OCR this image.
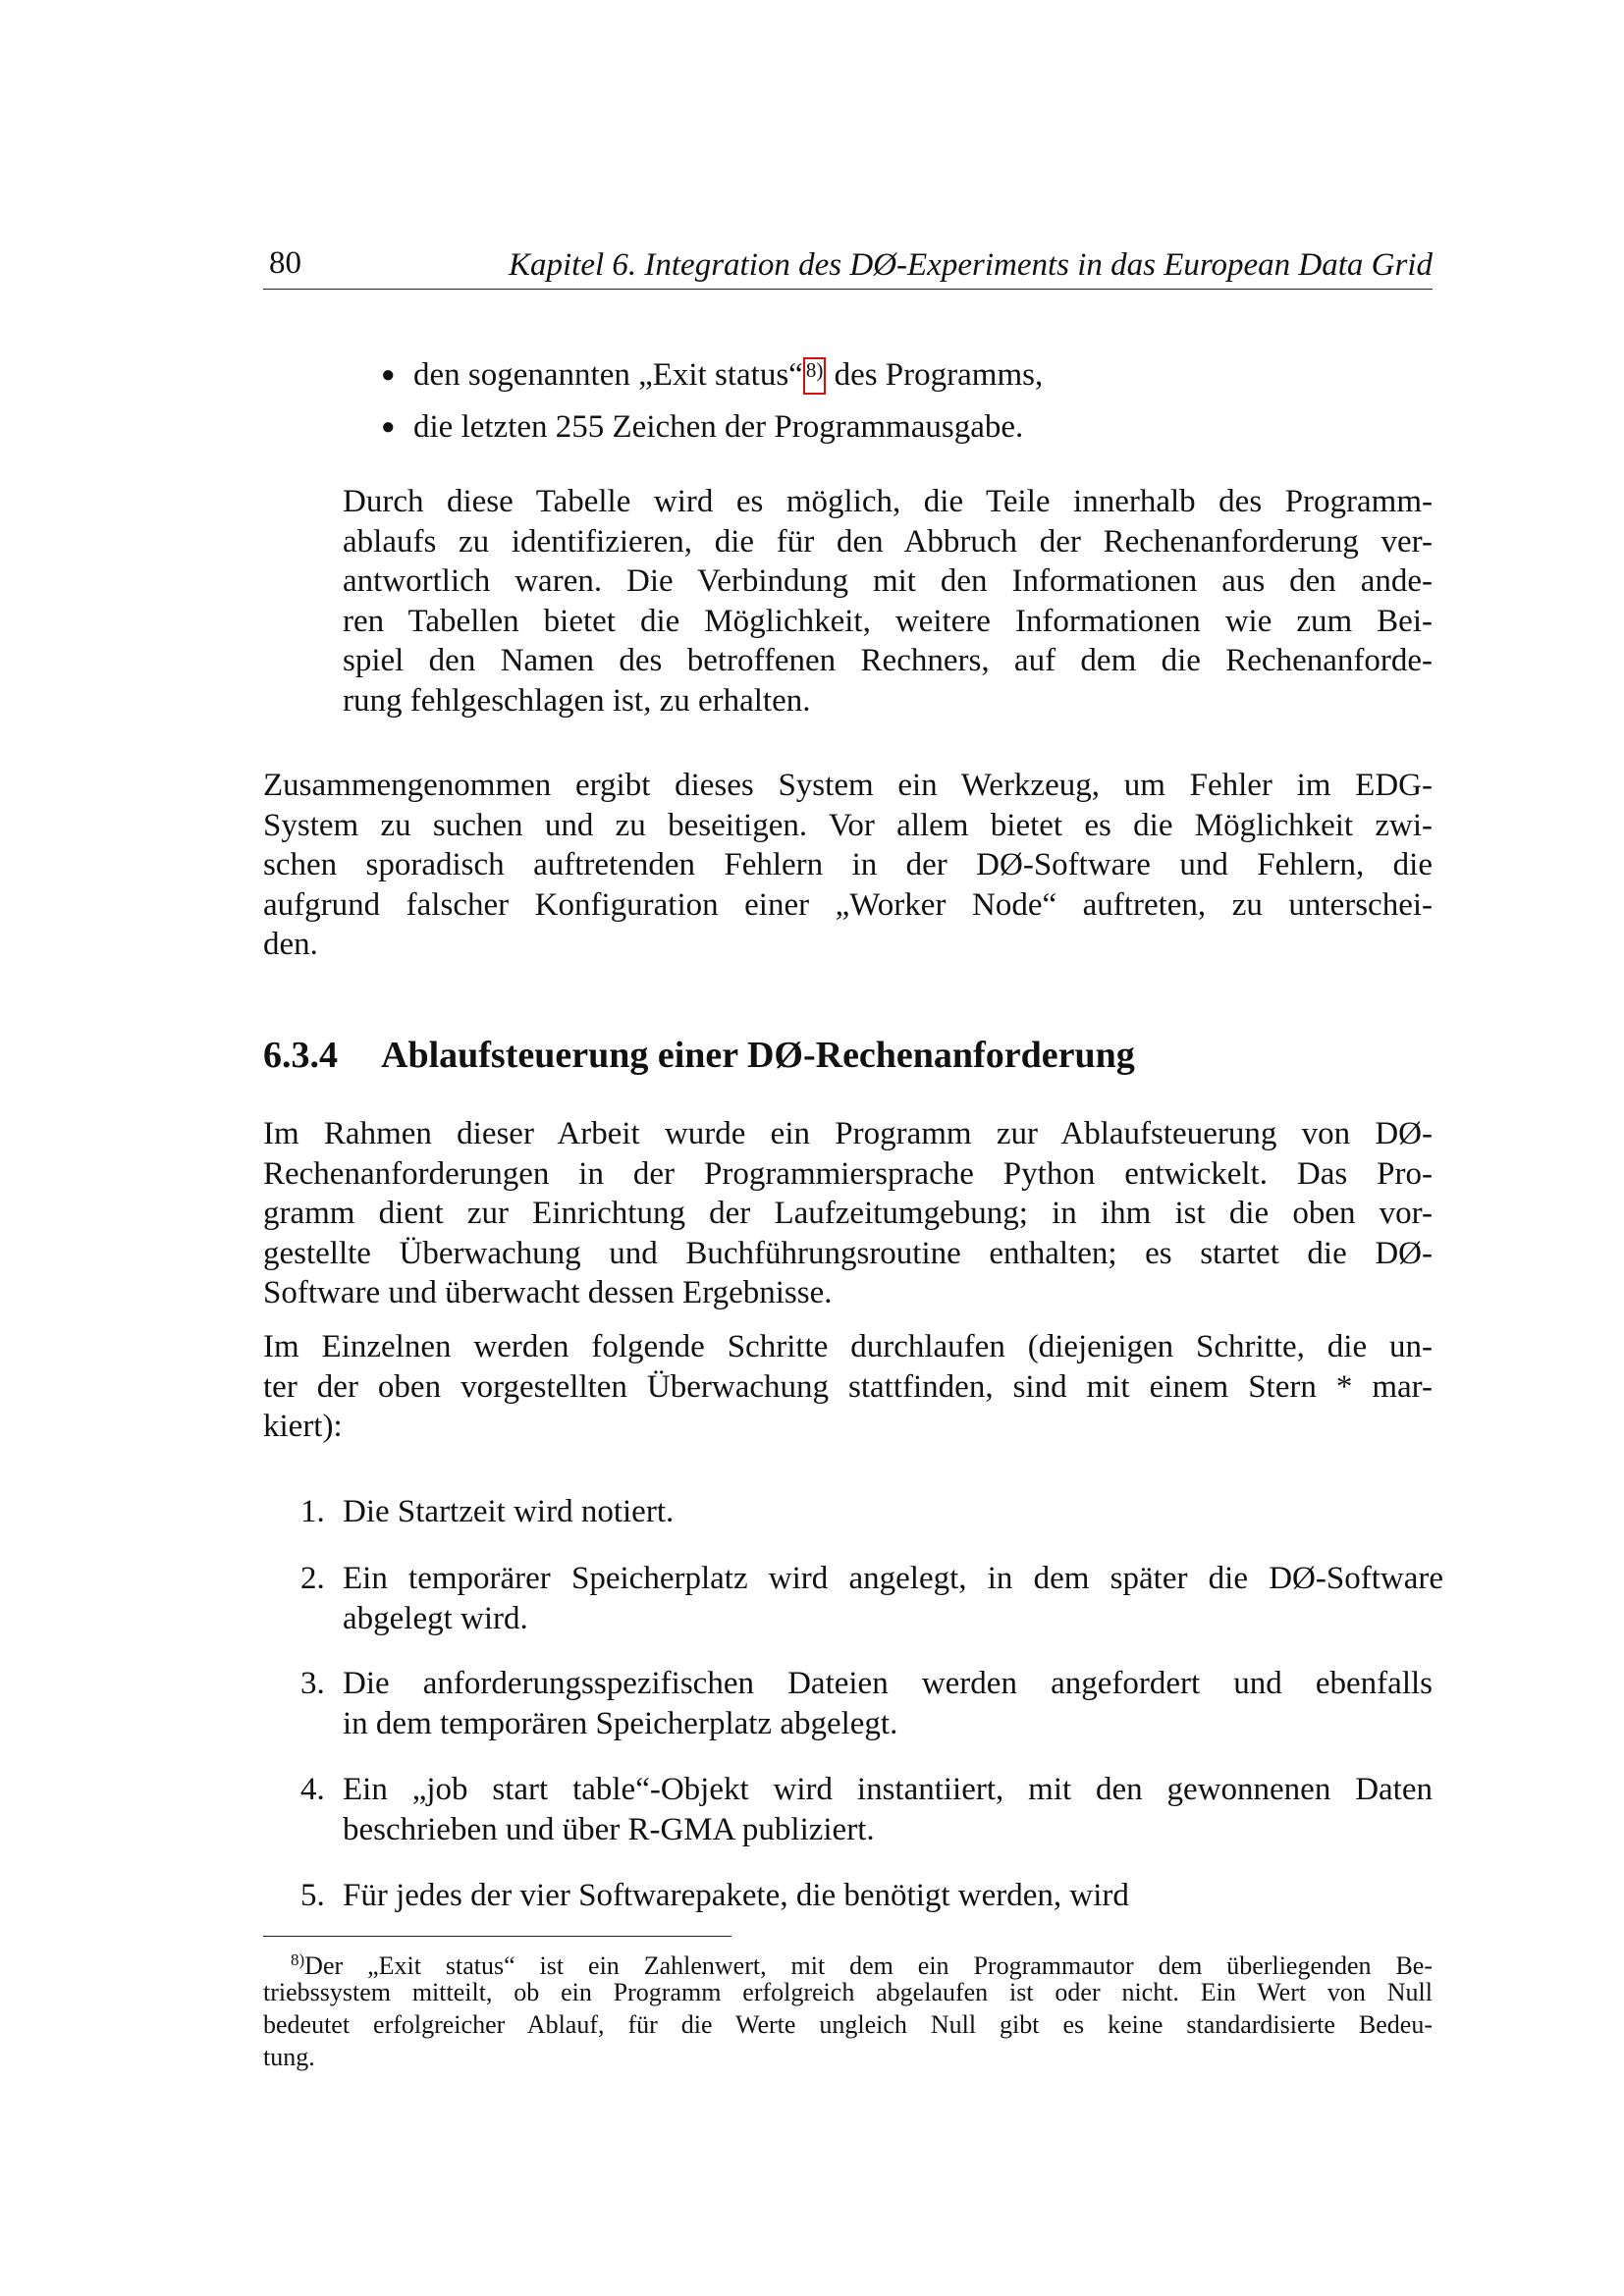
80	Kapitel 6. Integration des DØ-Experiments in das European Data Grid
● den sogenannten „Exit status“ 8) des Programms,
● die letzten 255 Zeichen der Programmausgabe.
Durch diese Tabelle wird es möglich, die Teile innerhalb des Programm-
ablaufs zu identifizieren, die für den Abbruch der Rechenanforderung ver-
antwortlich waren. Die Verbindung mit den Informationen aus den ande-
ren Tabellen bietet die Möglichkeit, weitere Informationen wie zum Bei-
spiel den Namen des betroffenen Rechners, auf dem die Rechenanforde-
rung fehlgeschlagen ist, zu erhalten.
Zusammengenommen ergibt dieses System ein Werkzeug, um Fehler im EDG-
System zu suchen und zu beseitigen. Vor allem bietet es die Möglichkeit zwi-
schen sporadisch auftretenden Fehlern in der DØ-Software und Fehlern, die
aufgrund falscher Konfiguration einer „Worker Node“ auftreten, zu unterschei-
den.
Im Rahmen dieser Arbeit wurde ein Programm zur Ablaufsteuerung von DØ-
Rechenanforderungen in der Programmiersprache Python entwickelt. Das Pro-
gramm dient zur Einrichtung der Laufzeitumgebung; in ihm ist die oben vor-
gestellte Überwachung und Buchführungsroutine enthalten; es startet die DØ-
Software und überwacht dessen Ergebnisse.
Im Einzelnen werden folgende Schritte durchlaufen (diejenigen Schritte, die un-
ter der oben vorgestellten Überwachung stattfinden, sind mit einem Stern * mar-
kiert):
6.3.4 Ablaufsteuerung einer DØ-Rechenanforderung
1. Die Startzeit wird notiert.
2. Ein temporärer Speicherplatz wird angelegt, in dem später die DØ-Software
abgelegt wird.
3. Die anforderungsspezifischen Dateien werden angefordert und ebenfalls
in dem temporären Speicherplatz abgelegt.
4. Ein „job start table“-Objekt wird instantiiert, mit den gewonnenen Daten
beschrieben und über R-GMA publiziert.
5. Für jedes der vier Softwarepakete, die benötigt werden, wird
$^{8)}$Der „Exit status“ ist ein Zahlenwert, mit dem ein Programmautor dem überliegenden Be-
triebssystem mitteilt, ob ein Programm erfolgreich abgelaufen ist oder nicht. Ein Wert von Null
bedeutet erfolgreicher Ablauf, für die Werte ungleich Null gibt es keine standardisierte Bedeu-
tung.
